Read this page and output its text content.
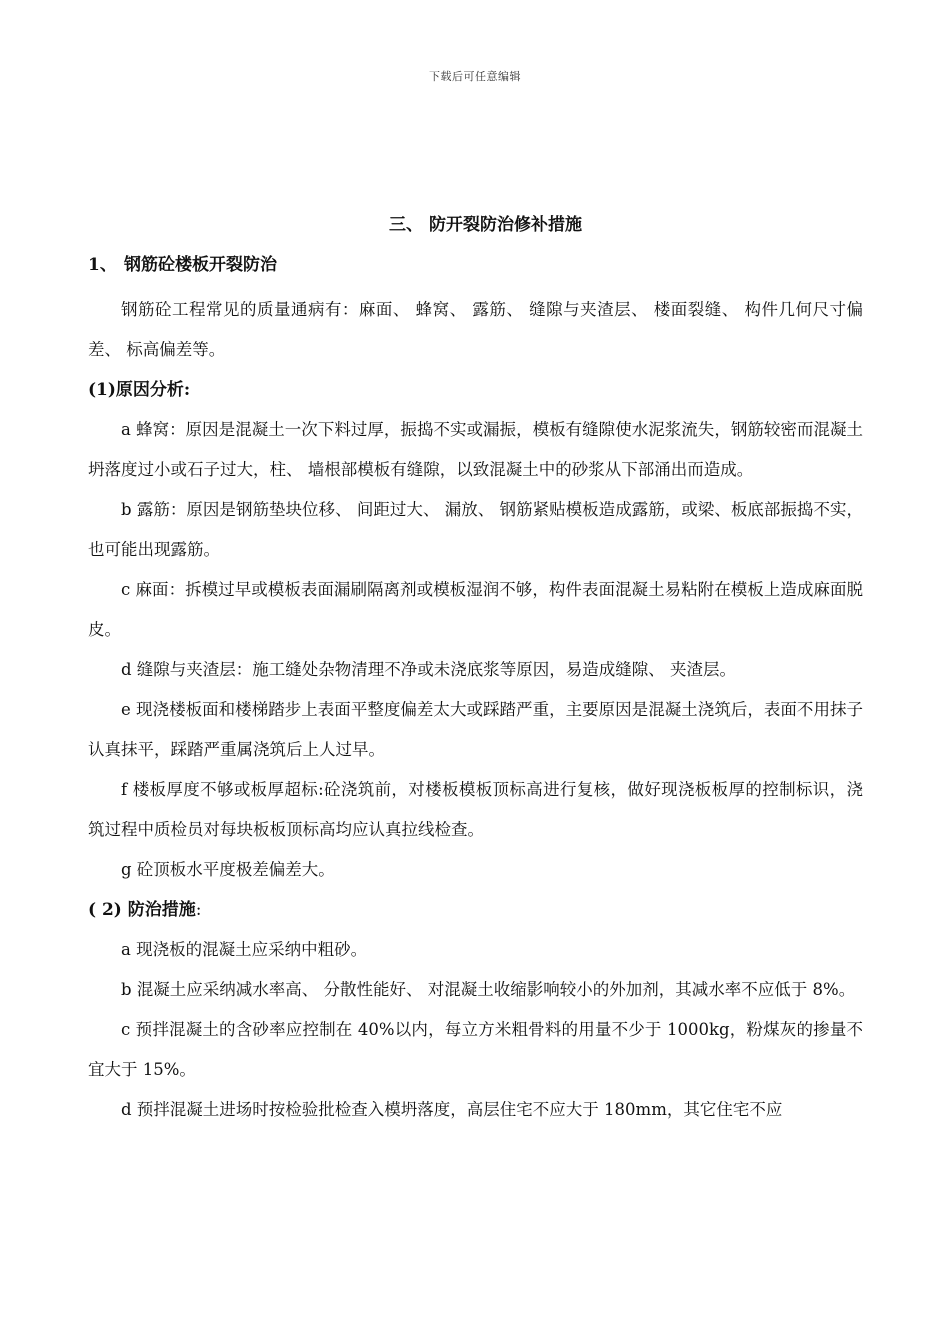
下载后可任意编辑
三、 防开裂防治修补措施
1、 钢筋砼楼板开裂防治

钢筋砼工程常见的质量通病有：麻面、 蜂窝、 露筋、 缝隙与夹渣层、 楼面裂缝、 构件几何尺寸偏差、 标高偏差等。

(1)原因分析:

a 蜂窝：原因是混凝土一次下料过厚，振捣不实或漏振，模板有缝隙使水泥浆流失，钢筋较密而混凝土坍落度过小或石子过大，柱、 墙根部模板有缝隙，以致混凝土中的砂浆从下部涌出而造成。

b 露筋：原因是钢筋垫块位移、 间距过大、 漏放、 钢筋紧贴模板造成露筋，或梁、板底部振捣不实，也可能出现露筋。

c 麻面：拆模过早或模板表面漏刷隔离剂或模板湿润不够，构件表面混凝土易粘附在模板上造成麻面脱皮。

d 缝隙与夹渣层：施工缝处杂物清理不净或未浇底浆等原因，易造成缝隙、 夹渣层。

e 现浇楼板面和楼梯踏步上表面平整度偏差太大或踩踏严重，主要原因是混凝土浇筑后，表面不用抹子认真抹平，踩踏严重属浇筑后上人过早。

f 楼板厚度不够或板厚超标:砼浇筑前，对楼板模板顶标高进行复核，做好现浇板板厚的控制标识，浇筑过程中质检员对每块板板顶标高均应认真拉线检查。

g 砼顶板水平度极差偏差大。

( 2) 防治措施:

a 现浇板的混凝土应采纳中粗砂。

b 混凝土应采纳减水率高、 分散性能好、 对混凝土收缩影响较小的外加剂，其减水率不应低于 8%。

c 预拌混凝土的含砂率应控制在 40%以内，每立方米粗骨料的用量不少于 1000kg，粉煤灰的掺量不宜大于 15%。

d 预拌混凝土进场时按检验批检查入模坍落度，高层住宅不应大于 180mm，其它住宅不应
